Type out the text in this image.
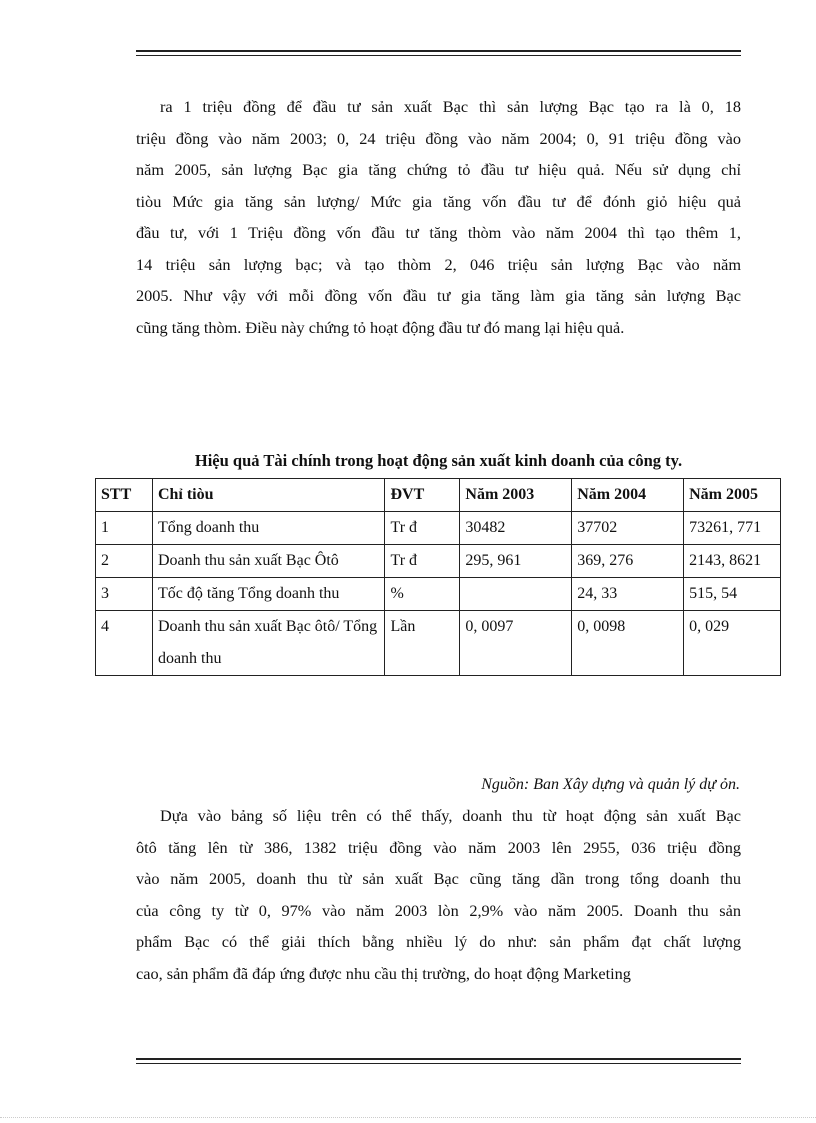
ra 1 triệu đồng để đầu tư sản xuất Bạc thì sản lượng Bạc tạo ra là 0, 18
triệu đồng vào năm 2003; 0, 24 triệu đồng vào năm 2004; 0, 91 triệu đồng vào
năm 2005, sản lượng Bạc gia tăng chứng tỏ đầu tư hiệu quả. Nếu sử dụng chỉ
tiòu Mức gia tăng sản lượng/ Mức gia tăng vốn đầu tư để đónh giỏ hiệu quả
đầu tư, với 1 Triệu đồng vốn đầu tư tăng thòm vào năm 2004 thì tạo thêm 1,
14 triệu sản lượng bạc; và tạo thòm 2, 046 triệu sản lượng Bạc vào năm
2005. Như vậy với mỗi đồng vốn đầu tư gia tăng làm gia tăng sản lượng Bạc
cũng tăng thòm. Điều này chứng tỏ hoạt động đầu tư đó mang lại hiệu quả.

Hiệu quả Tài chính trong hoạt động sản xuất kinh doanh của công ty.

STT	Chỉ tiòu	ĐVT	Năm 2003	Năm 2004	Năm 2005
1	Tổng doanh thu	Tr đ	30482	37702	73261, 771
2	Doanh thu sản xuất Bạc Ôtô	Tr đ	295, 961	369, 276	2143, 8621
3	Tốc độ tăng Tổng doanh thu	%		24, 33	515, 54
4	Doanh thu sản xuất Bạc ôtô/ Tổng doanh thu	Lần	0, 0097	0, 0098	0, 029

Nguồn: Ban Xây dựng và quản lý dự ỏn.

Dựa vào bảng số liệu trên có thể thấy, doanh thu từ hoạt động sản xuất Bạc
ôtô tăng lên từ 386, 1382 triệu đồng vào năm 2003 lên 2955, 036 triệu đồng
vào năm 2005, doanh thu từ sản xuất Bạc cũng tăng dần trong tổng doanh thu
của công ty từ 0, 97% vào năm 2003 lòn 2,9% vào năm 2005. Doanh thu sản
phẩm Bạc có thể giải thích bằng nhiều lý do như: sản phẩm đạt chất lượng
cao, sản phẩm đã đáp ứng được nhu cầu thị trường, do hoạt động Marketing
